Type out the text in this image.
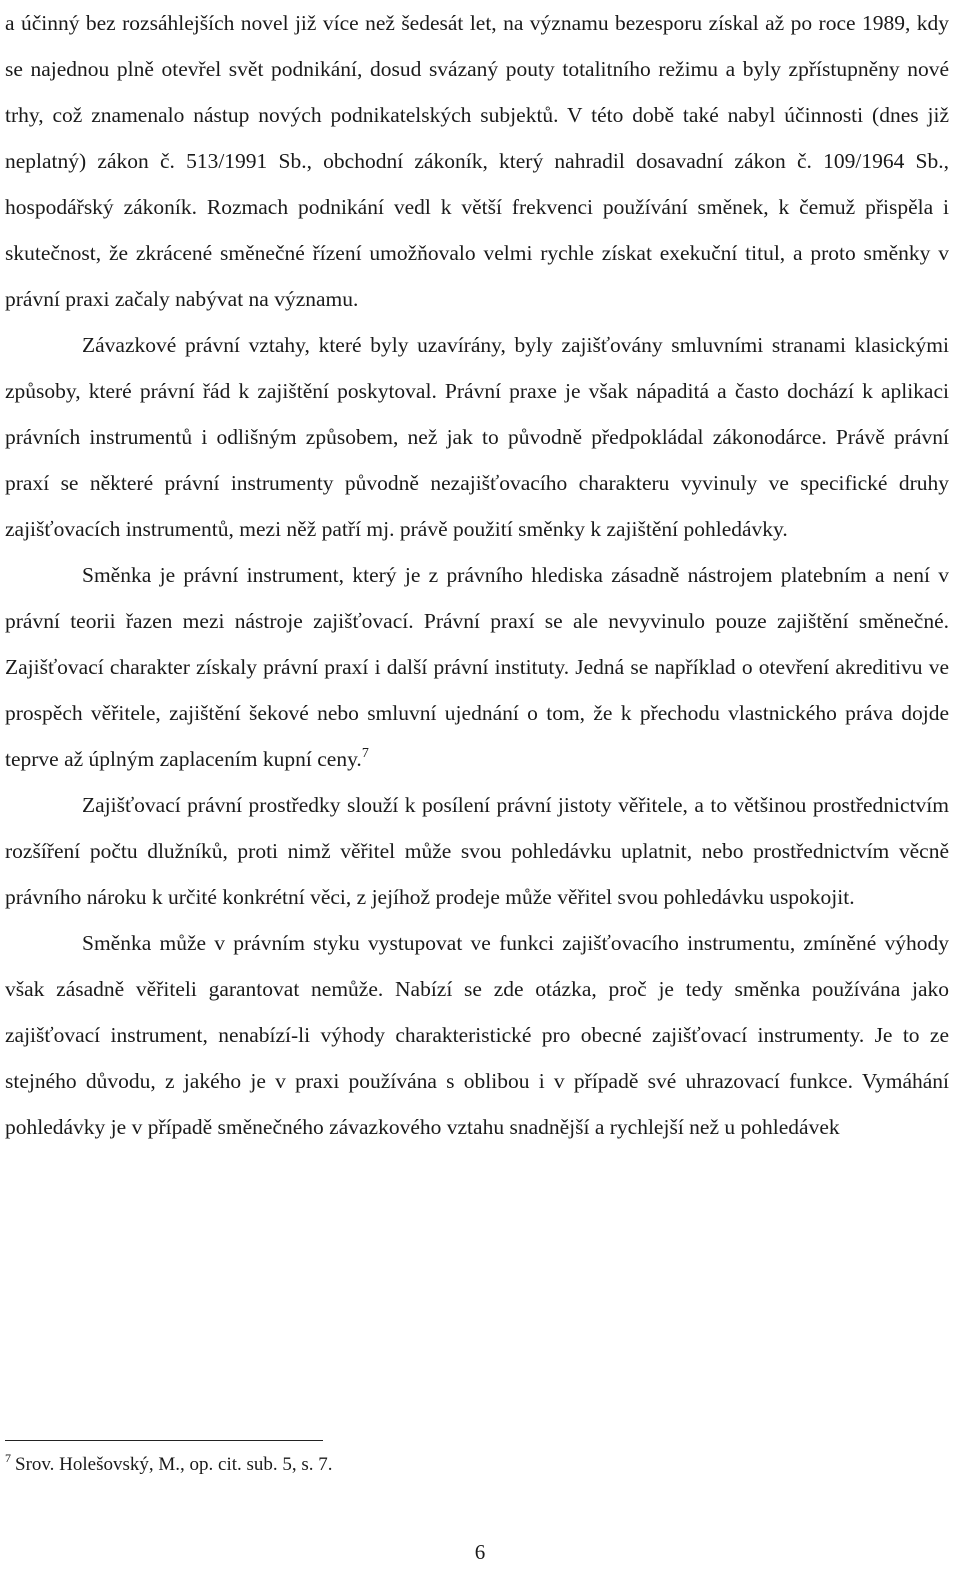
a účinný bez rozsáhlejších novel již více než šedesát let, na významu bezesporu získal až po roce 1989, kdy se najednou plně otevřel svět podnikání, dosud svázaný pouty totalitního režimu a byly zpřístupněny nové trhy, což znamenalo nástup nových podnikatelských subjektů. V této době také nabyl účinnosti (dnes již neplatný) zákon č. 513/1991 Sb., obchodní zákoník, který nahradil dosavadní zákon č. 109/1964 Sb., hospodářský zákoník. Rozmach podnikání vedl k větší frekvenci používání směnek, k čemuž přispěla i skutečnost, že zkrácené směnečné řízení umožňovalo velmi rychle získat exekuční titul, a proto směnky v právní praxi začaly nabývat na významu.

Závazkové právní vztahy, které byly uzavírány, byly zajišťovány smluvními stranami klasickými způsoby, které právní řád k zajištění poskytoval. Právní praxe je však nápaditá a často dochází k aplikaci právních instrumentů i odlišným způsobem, než jak to původně předpokládal zákonodárce. Právě právní praxí se některé právní instrumenty původně nezajišťovacího charakteru vyvinuly ve specifické druhy zajišťovacích instrumentů, mezi něž patří mj. právě použití směnky k zajištění pohledávky.

Směnka je právní instrument, který je z právního hlediska zásadně nástrojem platebním a není v právní teorii řazen mezi nástroje zajišťovací. Právní praxí se ale nevyvinulo pouze zajištění směnečné. Zajišťovací charakter získaly právní praxí i další právní instituty. Jedná se například o otevření akreditivu ve prospěch věřitele, zajištění šekové nebo smluvní ujednání o tom, že k přechodu vlastnického práva dojde teprve až úplným zaplacením kupní ceny.$^7$

Zajišťovací právní prostředky slouží k posílení právní jistoty věřitele, a to většinou prostřednictvím rozšíření počtu dlužníků, proti nimž věřitel může svou pohledávku uplatnit, nebo prostřednictvím věcně právního nároku k určité konkrétní věci, z jejíhož prodeje může věřitel svou pohledávku uspokojit.

Směnka může v právním styku vystupovat ve funkci zajišťovacího instrumentu, zmíněné výhody však zásadně věřiteli garantovat nemůže. Nabízí se zde otázka, proč je tedy směnka používána jako zajišťovací instrument, nenabízí-li výhody charakteristické pro obecné zajišťovací instrumenty. Je to ze stejného důvodu, z jakého je v praxi používána s oblibou i v případě své uhrazovací funkce. Vymáhání pohledávky je v případě směnečného závazkového vztahu snadnější a rychlejší než u pohledávek

$^7$ Srov. Holešovský, M., op. cit. sub. 5, s. 7.
6
